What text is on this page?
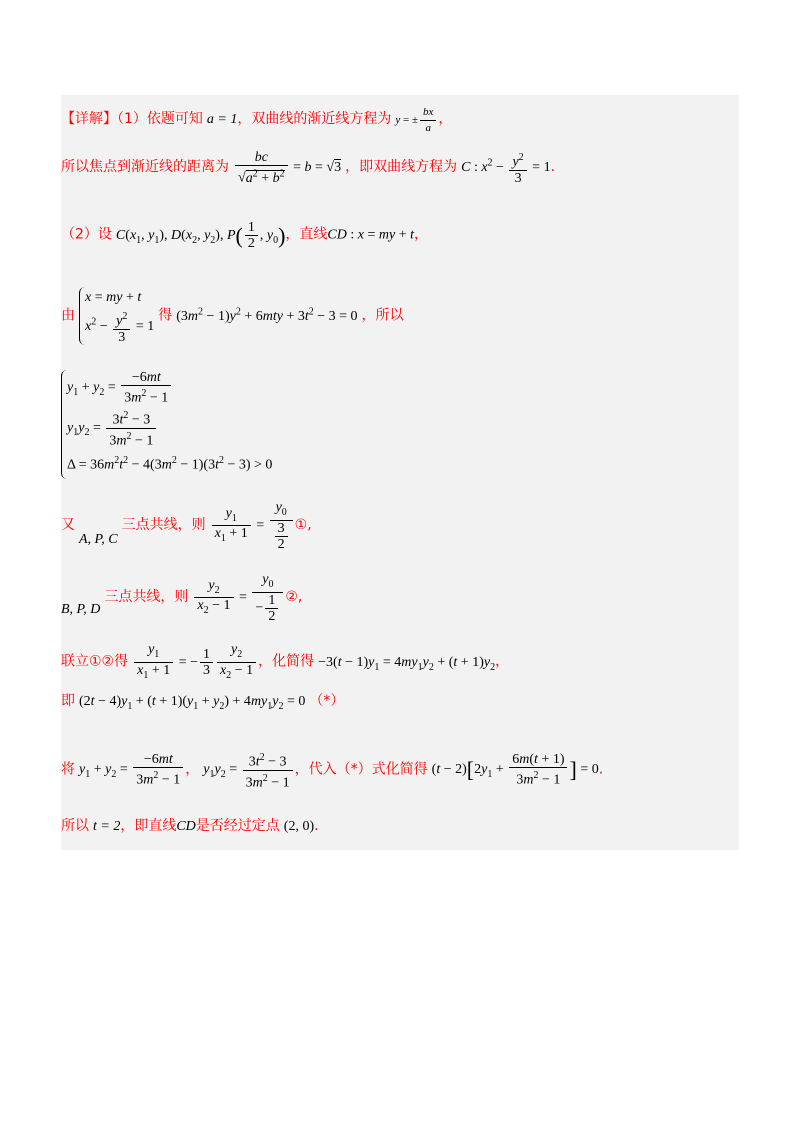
【详解】（1）依题可知 a = 1，双曲线的渐近线方程为 y = ± $\frac{bx}{a}$ ，
所以焦点到渐近线的距离为 $\frac{bc}{√a^2 + b^2} = b = √3$ ，即双曲线方程为 C : $x^2 - \frac{y^2}{3} = 1$.
（2）设 $C(x_1$, $y_1$), $D(x_2$, $y_2$), $P( \frac{1}{2}$ , $y_0$)，直线CD : x = my + t，
由
x = my + t
$x^2 - \frac{y^2}{3} = 1$
得 $(3m^2 - 1)y^2 + 6mty + 3t^2 - 3 = 0$ ，所以
$y_1 + y_2 = \frac{-6mt}{3m^2 - 1}$
$y_1y_2 = \frac{3t^2 - 3}{3m^2 - 1}$
$\Delta = 36m^2t^2 - 4(3m^2 - 1)(3t^2 - 3) > 0$
又 A, P, C 三点共线，则 $\frac{y_1}{x_1 + 1} = \frac{y_0}{\frac{3}{2}}$ ①,
B, P, D 三点共线，则 $\frac{y_2}{x_2 - 1} = \frac{y_0}{- \frac{1}{2}}$ ②,
联立①②得 $\frac{y_1}{x_1 + 1}$ = − $\frac{1}{3} \frac{y_2}{x_2 - 1}$ ，化简得 $-3(t - 1)y_1 = 4my_1y_2 + (t + 1)y_2$，
即 $(2t - 4)y_1 + (t + 1)(y_1 + y_2) + 4my_1y_2 = 0$ （*）
将 $y_1 + y_2 = \frac{-6mt}{3m^2 - 1}$ ， $y_1y_2 = \frac{3t^2 - 3}{3m^2 - 1}$ ，代入（*）式化简得 $(t - 2)[2y_1 + \frac{6m(t + 1)}{3m^2 - 1}$ ] = 0.
所以 t = 2，即直线CD是否经过定点 (2, 0).
